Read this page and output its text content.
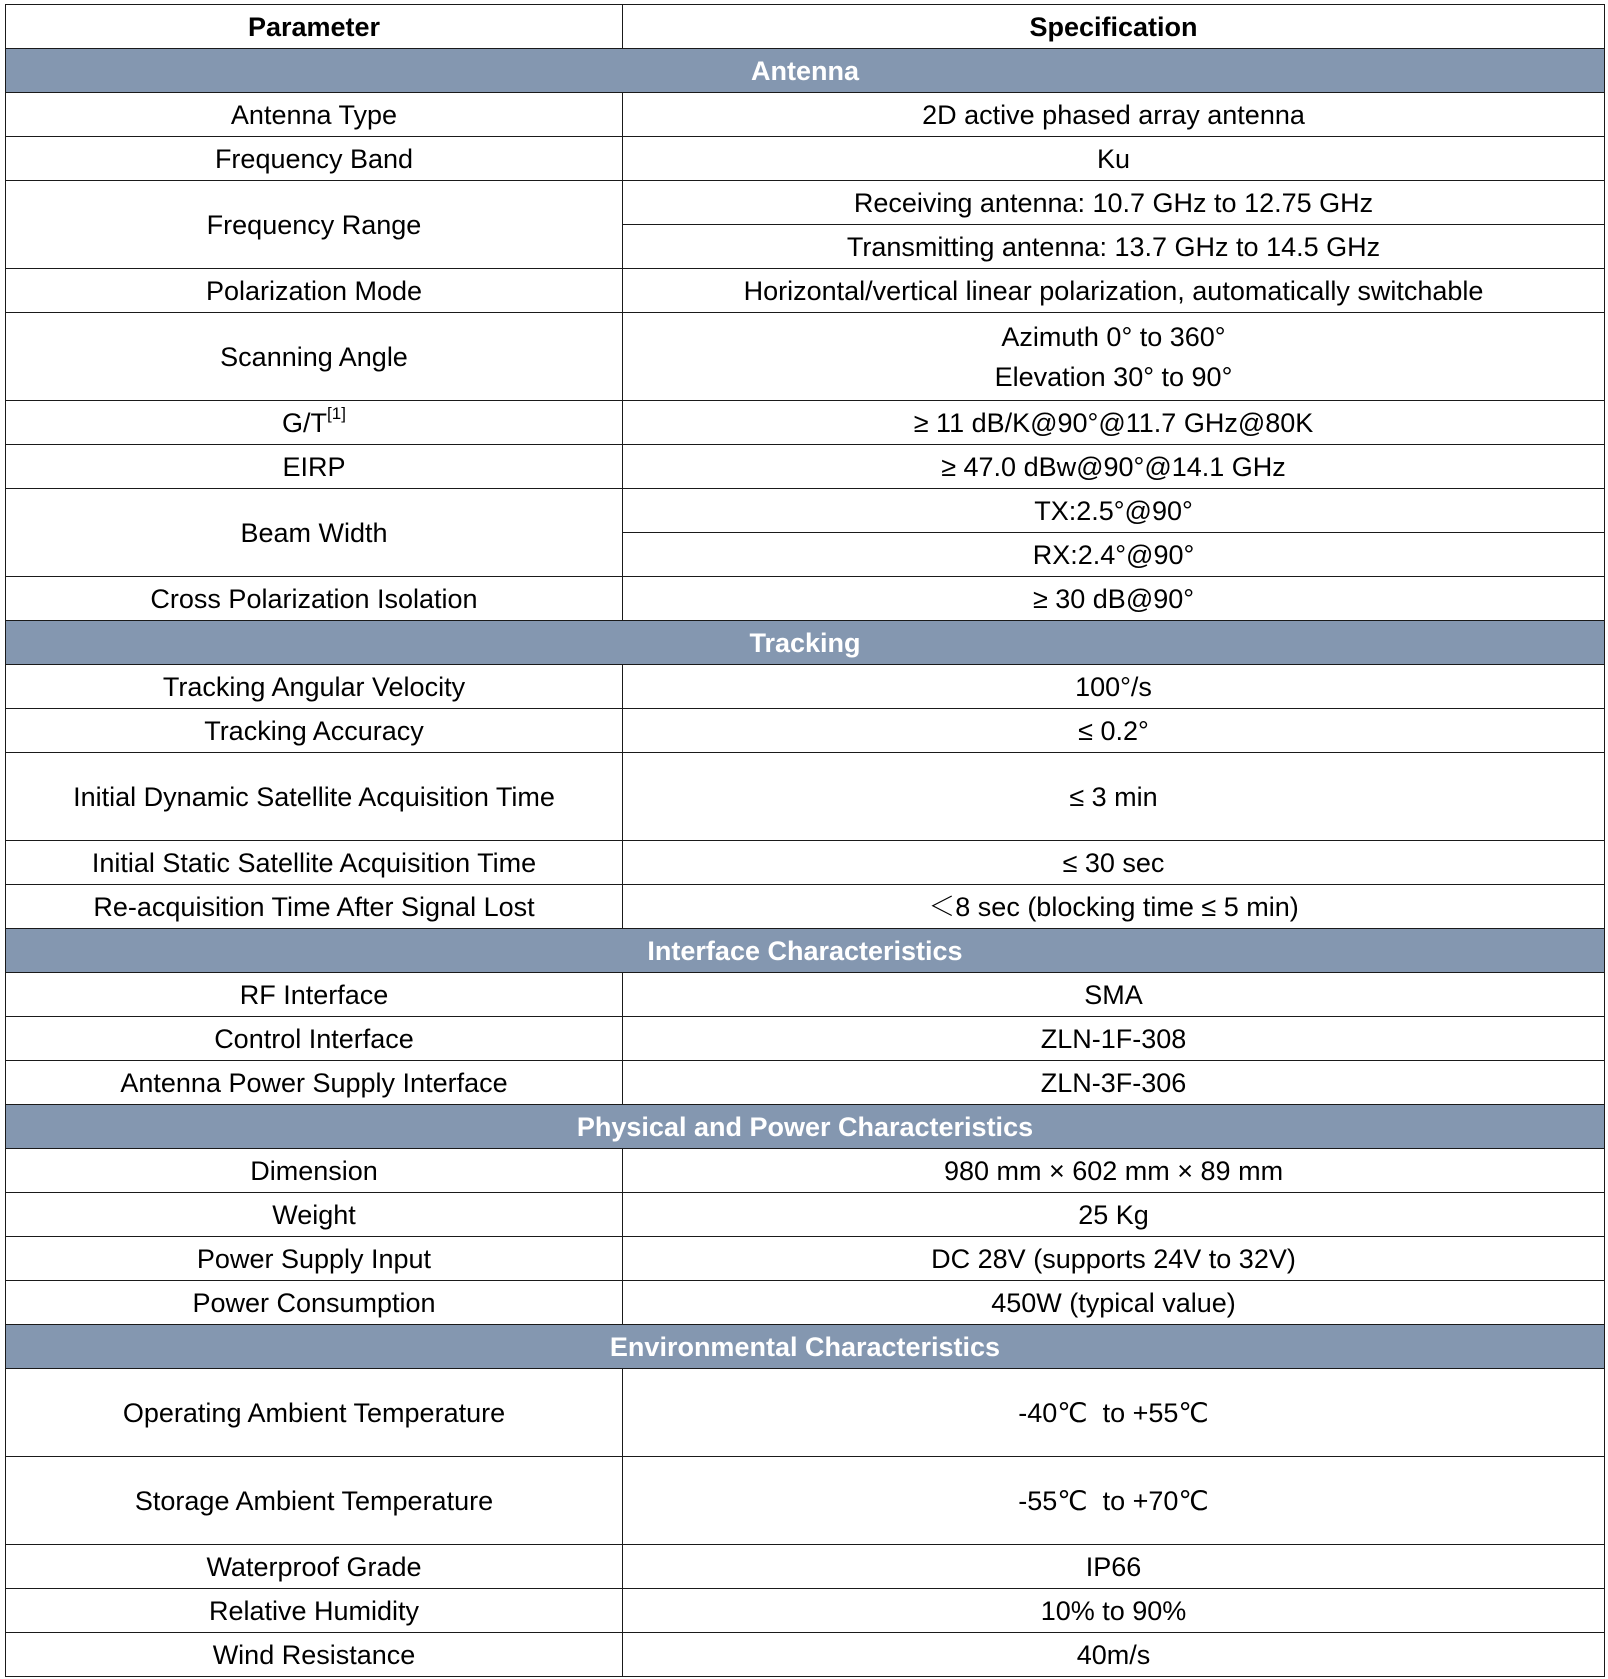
Parameter	Specification
Antenna	
Antenna Type	2D active phased array antenna
Frequency Band	Ku
Frequency Range	Receiving antenna: 10.7 GHz to 12.75 GHz
	Transmitting antenna: 13.7 GHz to 14.5 GHz
Polarization Mode	Horizontal/vertical linear polarization, automatically switchable
Scanning Angle	Azimuth 0° to 360°
Elevation 30° to 90°

G/T[1]	≥ 11 dB/K@90°@11.7 GHz@80K
EIRP	≥ 47.0 dBw@90°@14.1 GHz
Beam Width	TX:2.5°@90°
	RX:2.4°@90°
Cross Polarization Isolation	≥ 30 dB@90°
Tracking	
Tracking Angular Velocity	100°/s
Tracking Accuracy	≤ 0.2°
Initial Dynamic Satellite Acquisition Time	≤ 3 min
Initial Static Satellite Acquisition Time	≤ 30 sec
Re-acquisition Time After Signal Lost	＜8 sec (blocking time ≤ 5 min)
Interface Characteristics	
RF Interface	SMA
Control Interface	ZLN-1F-308
Antenna Power Supply Interface	ZLN-3F-306
Physical and Power Characteristics	
Dimension	980 mm × 602 mm × 89 mm
Weight	25 Kg
Power Supply Input	DC 28V (supports 24V to 32V)
Power Consumption	450W (typical value)
Environmental Characteristics	
Operating Ambient Temperature	-40℃  to +55℃
Storage Ambient Temperature	-55℃  to +70℃
Waterproof Grade	IP66
Relative Humidity	10% to 90%
Wind Resistance	40m/s
